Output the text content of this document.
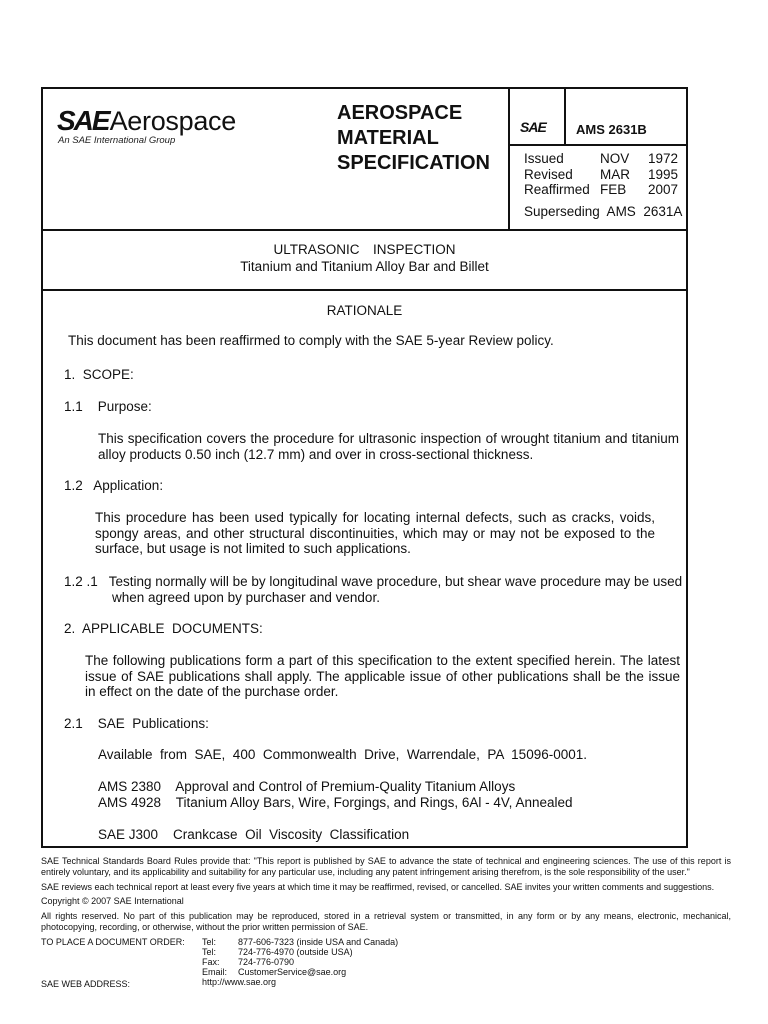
SAE Aerospace
An SAE International Group
AEROSPACE
MATERIAL
SPECIFICATION
SAE AMS 2631B
Issued	NOV	1972
Revised	MAR	1995
Reaffirmed FEB	2007
Superseding  AMS  2631A
ULTRASONIC  INSPECTION
Titanium and Titanium Alloy Bar and Billet
RATIONALE
This document has been reaffirmed to comply with the SAE 5-year Review policy.
1.  SCOPE:
1.1    Purpose:
This specification covers the procedure for ultrasonic inspection of wrought titanium and titanium alloy products 0.50 inch (12.7 mm) and over in cross-sectional thickness.
1.2   Application:
This procedure has been used typically for locating internal defects, such as cracks, voids, spongy areas, and other structural discontinuities, which may or may not be exposed to the surface, but usage is not limited to such applications.
1.2 .1   Testing normally will be by longitudinal wave procedure, but shear wave procedure may be used when agreed upon by purchaser and vendor.
2.  APPLICABLE  DOCUMENTS:
The following publications form a part of this specification to the extent specified herein. The latest issue of SAE publications shall apply. The applicable issue of other publications shall be the issue in effect on the date of the purchase order.
2.1    SAE  Publications:
Available  from  SAE,  400  Commonwealth  Drive,  Warrendale,  PA  15096-0001.
AMS 2380    Approval and Control of Premium-Quality Titanium Alloys
AMS 4928    Titanium Alloy Bars, Wire, Forgings, and Rings, 6Al - 4V, Annealed
SAE J300    Crankcase  Oil  Viscosity  Classification
SAE Technical Standards Board Rules provide that: "This report is published by SAE to advance the state of technical and engineering sciences. The use of this report is entirely voluntary, and its applicability and suitability for any particular use, including any patent infringement arising therefrom, is the sole responsibility of the user."
SAE reviews each technical report at least every five years at which time it may be reaffirmed, revised, or cancelled. SAE invites your written comments and suggestions.
Copyright © 2007 SAE International
All rights reserved. No part of this publication may be reproduced, stored in a retrieval system or transmitted, in any form or by any means, electronic, mechanical, photocopying, recording, or otherwise, without the prior written permission of SAE.
TO PLACE A DOCUMENT ORDER:
SAE WEB ADDRESS:
Tel:	877-606-7323 (inside USA and Canada)
Tel:	724-776-4970 (outside USA)
Fax:	724-776-0790
Email:	CustomerService@sae.org
http://www.sae.org
